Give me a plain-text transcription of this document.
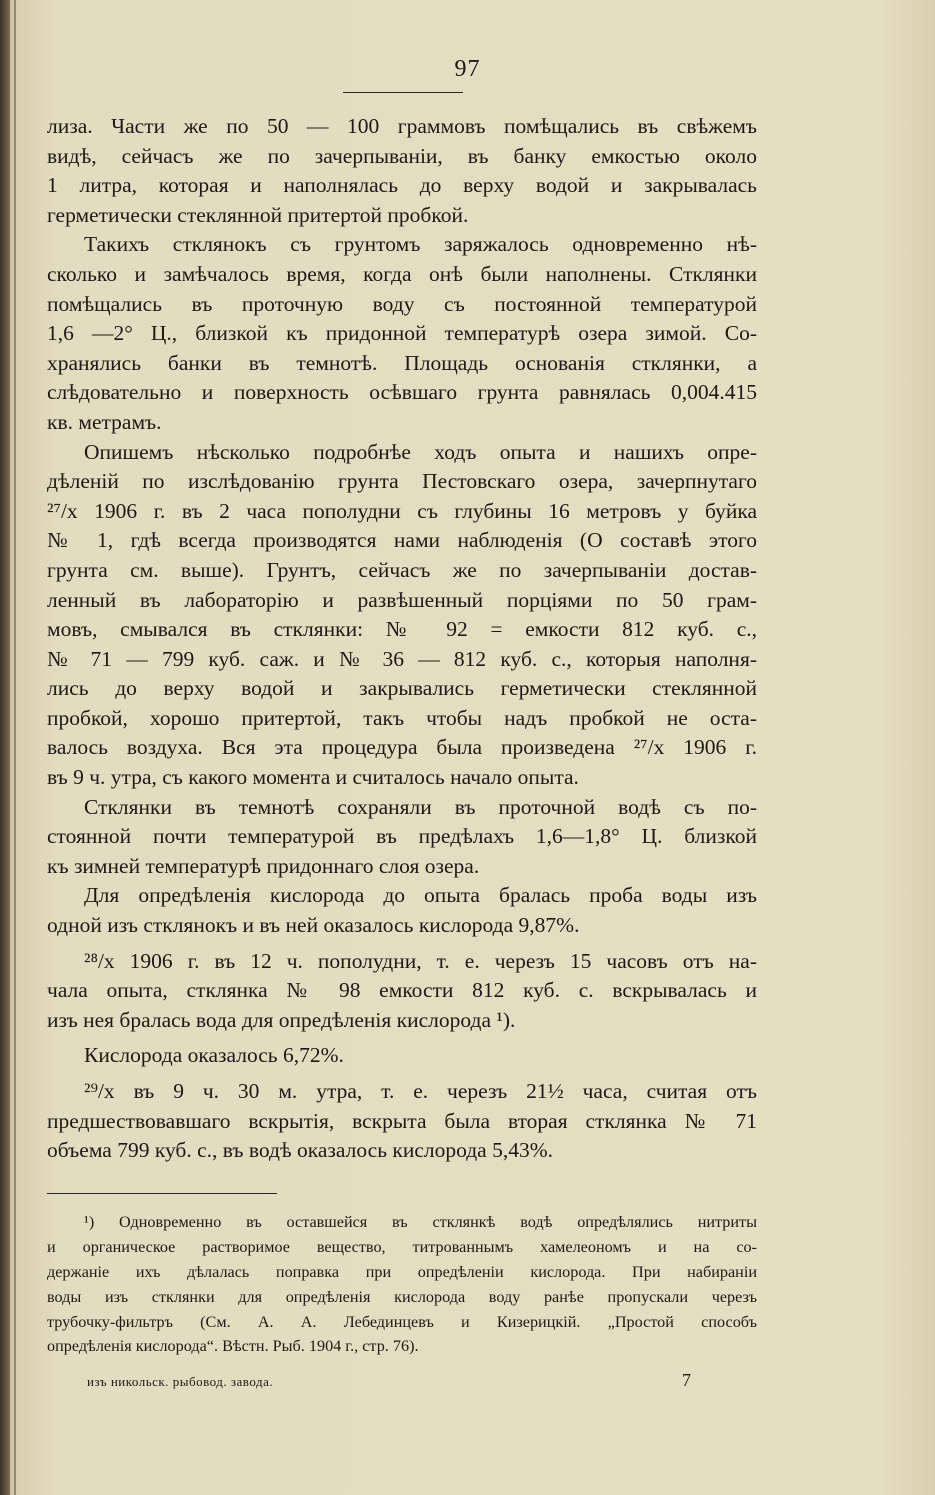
97
лиза. Части же по 50 — 100 граммовъ помѣщались въ свѣжемъ
видѣ, сейчасъ же по зачерпываніи, въ банку емкостью около
1 литра, которая и наполнялась до верху водой и закрывалась
герметически стеклянной притертой пробкой.
Такихъ стклянокъ съ грунтомъ заряжалось одновременно нѣ-
сколько и замѣчалось время, когда онѣ были наполнены. Стклянки
помѣщались въ проточную воду съ постоянной температурой
1,6 —2° Ц., близкой къ придонной температурѣ озера зимой. Со-
хранялись банки въ темнотѣ. Площадь основанія стклянки, а
слѣдовательно и поверхность осѣвшаго грунта равнялась 0,004.415
кв. метрамъ.
Опишемъ нѣсколько подробнѣе ходъ опыта и нашихъ опре-
дѣленій по изслѣдованію грунта Пестовскаго озера, зачерпнутаго
²⁷/x 1906 г. въ 2 часа пополудни съ глубины 16 метровъ у буйка
№ 1, гдѣ всегда производятся нами наблюденія (О составѣ этого
грунта см. выше). Грунтъ, сейчасъ же по зачерпываніи достав-
ленный въ лабораторію и развѣшенный порціями по 50 грам-
мовъ, смывался въ стклянки: № 92 = емкости 812 куб. с.,
№ 71 — 799 куб. саж. и № 36 — 812 куб. с., которыя наполня-
лись до верху водой и закрывались герметически стеклянной
пробкой, хорошо притертой, такъ чтобы надъ пробкой не оста-
валось воздуха. Вся эта процедура была произведена ²⁷/x 1906 г.
въ 9 ч. утра, съ какого момента и считалось начало опыта.
Стклянки въ темнотѣ сохраняли въ проточной водѣ съ по-
стоянной почти температурой въ предѣлахъ 1,6—1,8° Ц. близкой
къ зимней температурѣ придоннаго слоя озера.
Для опредѣленія кислорода до опыта бралась проба воды изъ
одной изъ стклянокъ и въ ней оказалось кислорода 9,87%.
²⁸/x 1906 г. въ 12 ч. пополудни, т. е. черезъ 15 часовъ отъ на-
чала опыта, стклянка № 98 емкости 812 куб. с. вскрывалась и
изъ нея бралась вода для опредѣленія кислорода ¹).
Кислорода оказалось 6,72%.
²⁹/x въ 9 ч. 30 м. утра, т. е. черезъ 21½ часа, считая отъ
предшествовавшаго вскрытія, вскрыта была вторая стклянка № 71
объема 799 куб. с., въ водѣ оказалось кислорода 5,43%.
¹) Одновременно въ оставшейся въ стклянкѣ водѣ опредѣлялись нитриты
и органическое растворимое вещество, титрованнымъ хамелеономъ и на со-
держаніе ихъ дѣлалась поправка при опредѣленіи кислорода. При набираніи
воды изъ стклянки для опредѣленія кислорода воду ранѣе пропускали черезъ
трубочку-фильтръ (См. А. А. Лебединцевъ и Кизерицкій. „Простой способъ
опредѣленія кислорода“. Вѣстн. Рыб. 1904 г., стр. 76).
изъ никольск. рыбовод. завода.	7
